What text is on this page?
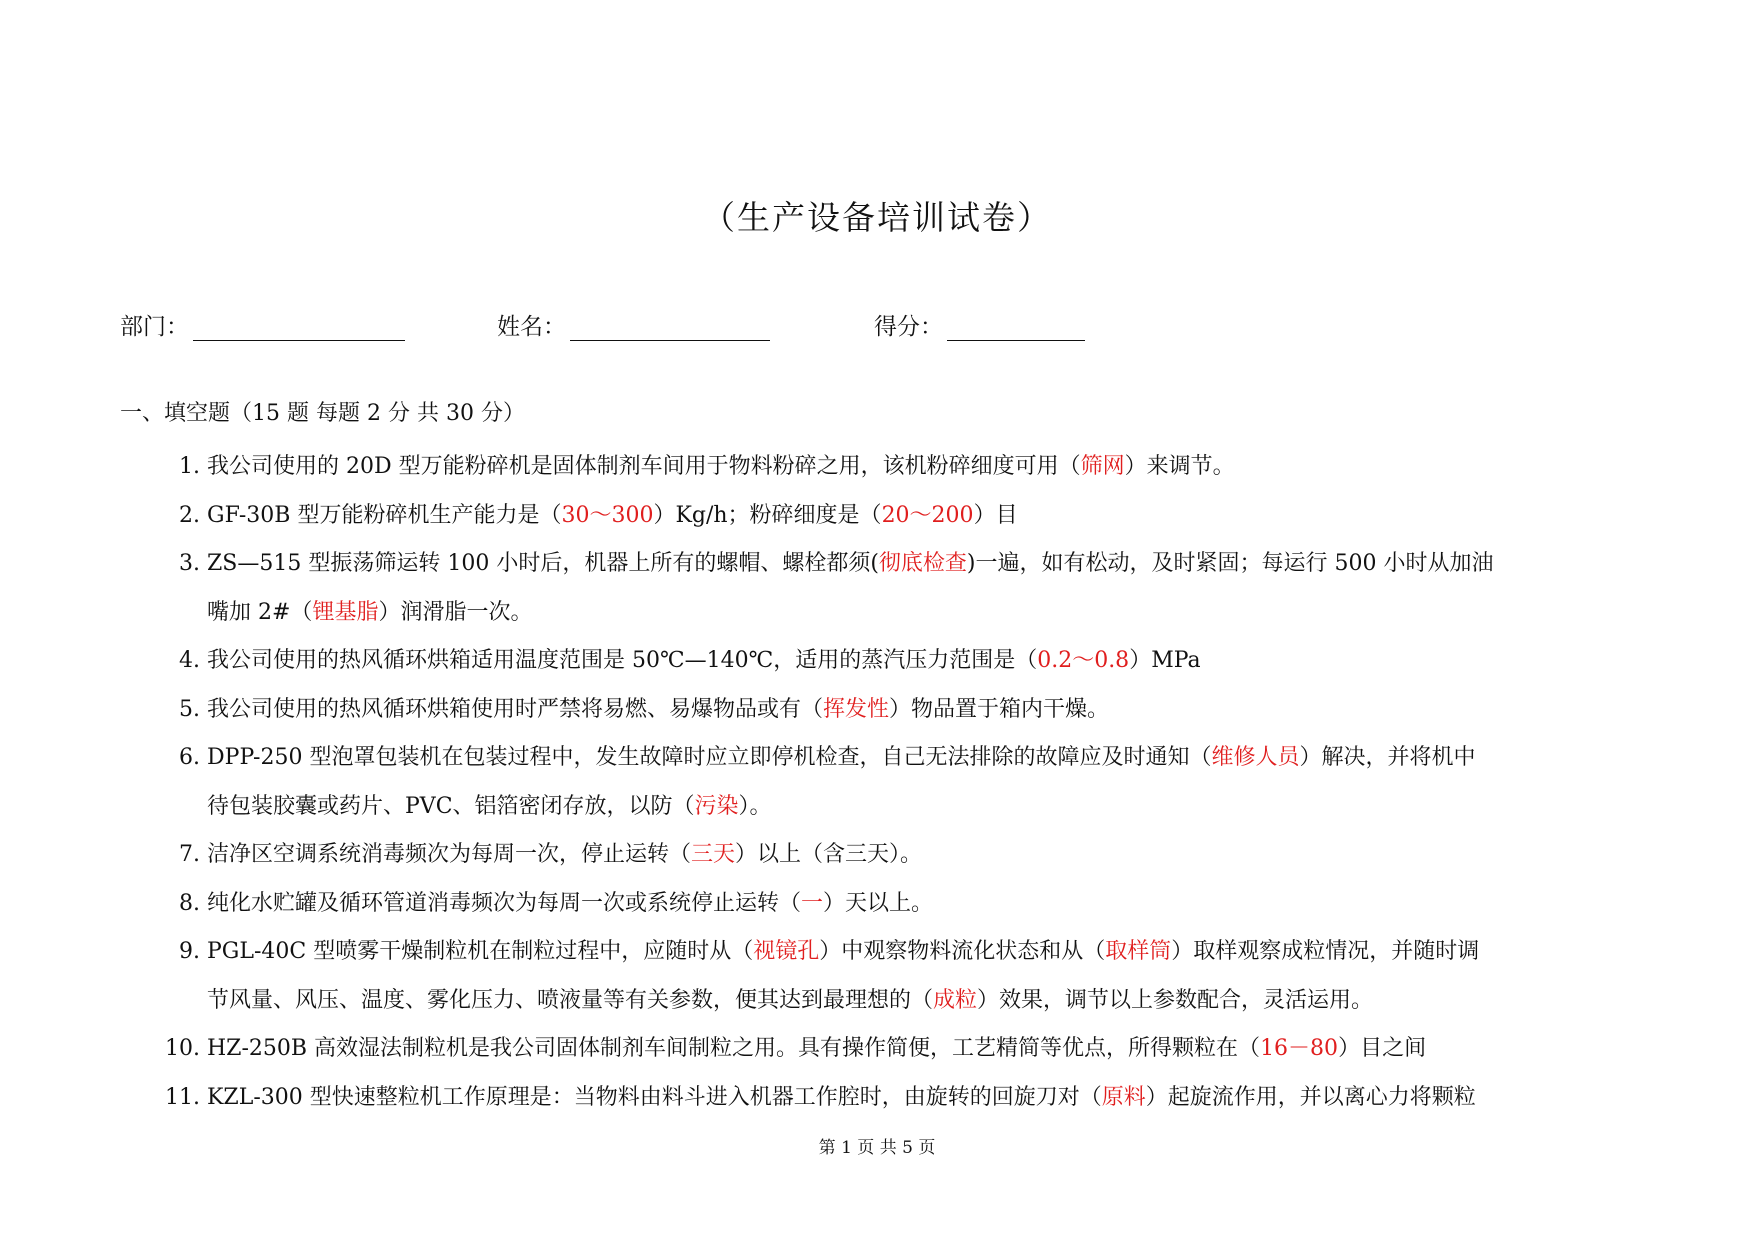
（生产设备培训试卷）
部门：	姓名：	得分：
一、填空题（15 题 每题 2 分 共 30 分）
1. 我公司使用的 20D 型万能粉碎机是固体制剂车间用于物料粉碎之用，该机粉碎细度可用（筛网）来调节。
2. GF-30B 型万能粉碎机生产能力是（30～300）Kg/h；粉碎细度是（20～200）目
3. ZS—515 型振荡筛运转 100 小时后，机器上所有的螺帽、螺栓都须(彻底检查)一遍，如有松动，及时紧固；每运行 500 小时从加油
嘴加 2#（锂基脂）润滑脂一次。
4. 我公司使用的热风循环烘箱适用温度范围是 50℃—140℃，适用的蒸汽压力范围是（0.2～0.8）MPa
5. 我公司使用的热风循环烘箱使用时严禁将易燃、易爆物品或有（挥发性）物品置于箱内干燥。
6. DPP-250 型泡罩包装机在包装过程中，发生故障时应立即停机检查，自己无法排除的故障应及时通知（维修人员）解决，并将机中
待包装胶囊或药片、PVC、铝箔密闭存放，以防（污染）。
7. 洁净区空调系统消毒频次为每周一次，停止运转（三天）以上（含三天）。
8. 纯化水贮罐及循环管道消毒频次为每周一次或系统停止运转（一）天以上。
9. PGL-40C 型喷雾干燥制粒机在制粒过程中，应随时从（视镜孔）中观察物料流化状态和从（取样筒）取样观察成粒情况，并随时调
节风量、风压、温度、雾化压力、喷液量等有关参数，便其达到最理想的（成粒）效果，调节以上参数配合，灵活运用。
10. HZ-250B 高效湿法制粒机是我公司固体制剂车间制粒之用。具有操作简便，工艺精简等优点，所得颗粒在（16－80）目之间
11. KZL-300 型快速整粒机工作原理是：当物料由料斗进入机器工作腔时，由旋转的回旋刀对（原料）起旋流作用，并以离心力将颗粒
第 1 页 共 5 页
